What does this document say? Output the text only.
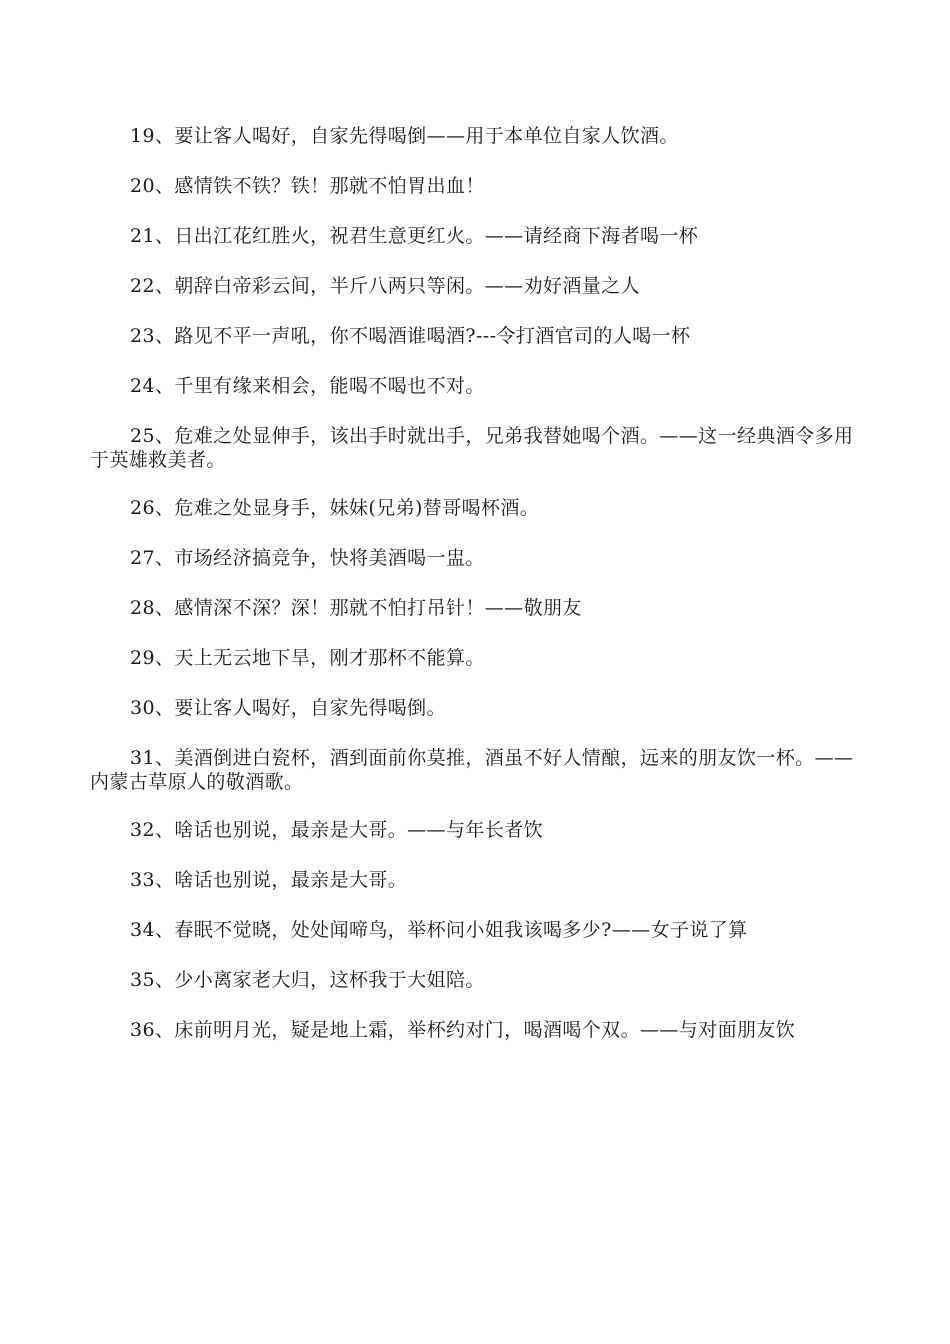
19、要让客人喝好，自家先得喝倒——用于本单位自家人饮酒。

20、感情铁不铁？铁！那就不怕胃出血！

21、日出江花红胜火，祝君生意更红火。——请经商下海者喝一杯

22、朝辞白帝彩云间，半斤八两只等闲。——劝好酒量之人

23、路见不平一声吼，你不喝酒谁喝酒?---令打酒官司的人喝一杯

24、千里有缘来相会，能喝不喝也不对。

25、危难之处显伸手，该出手时就出手，兄弟我替她喝个酒。——这一经典酒令多用于英雄救美者。

26、危难之处显身手，妹妹(兄弟)替哥喝杯酒。

27、市场经济搞竞争，快将美酒喝一盅。

28、感情深不深？深！那就不怕打吊针！——敬朋友

29、天上无云地下旱，刚才那杯不能算。

30、要让客人喝好，自家先得喝倒。

31、美酒倒进白瓷杯，酒到面前你莫推，酒虽不好人情酿，远来的朋友饮一杯。——内蒙古草原人的敬酒歌。

32、啥话也别说，最亲是大哥。——与年长者饮

33、啥话也别说，最亲是大哥。

34、春眠不觉晓，处处闻啼鸟，举杯问小姐我该喝多少?——女子说了算

35、少小离家老大归，这杯我于大姐陪。

36、床前明月光，疑是地上霜，举杯约对门，喝酒喝个双。——与对面朋友饮
